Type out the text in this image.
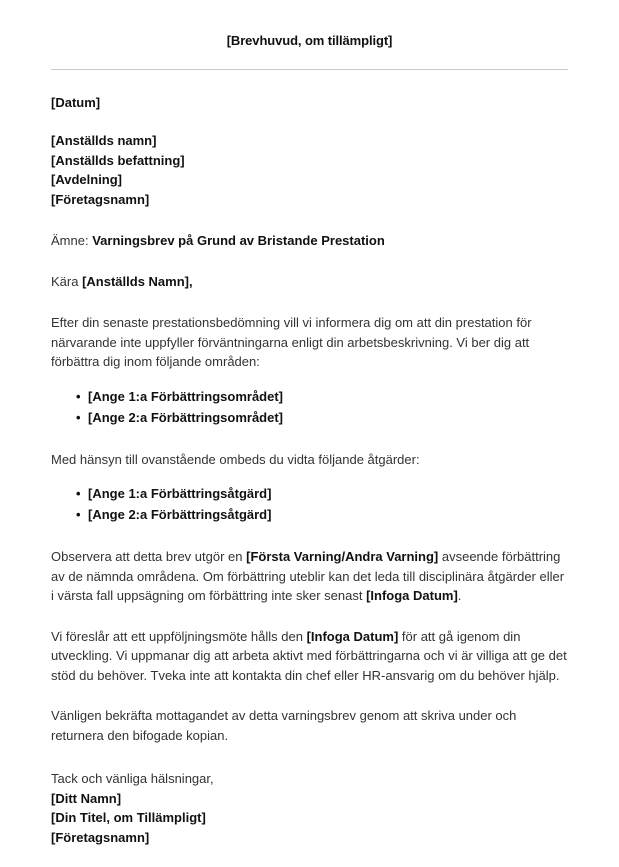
[Brevhuvud, om tillämpligt]
[Datum]
[Anställds namn]
[Anställds befattning]
[Avdelning]
[Företagsnamn]
Ämne: Varningsbrev på Grund av Bristande Prestation
Kära [Anställds Namn],

Efter din senaste prestationsbedömning vill vi informera dig om att din prestation för närvarande inte uppfyller förväntningarna enligt din arbetsbeskrivning. Vi ber dig att förbättra dig inom följande områden:

• [Ange 1:a Förbättringsområdet]
• [Ange 2:a Förbättringsområdet]

Med hänsyn till ovanstående ombeds du vidta följande åtgärder:

• [Ange 1:a Förbättringsåtgärd]
• [Ange 2:a Förbättringsåtgärd]

Observera att detta brev utgör en [Första Varning/Andra Varning] avseende förbättring av de nämnda områdena. Om förbättring uteblir kan det leda till disciplinära åtgärder eller i värsta fall uppsägning om förbättring inte sker senast [Infoga Datum].

Vi föreslår att ett uppföljningsmöte hålls den [Infoga Datum] för att gå igenom din utveckling. Vi uppmanar dig att arbeta aktivt med förbättringarna och vi är villiga att ge det stöd du behöver. Tveka inte att kontakta din chef eller HR-ansvarig om du behöver hjälp.

Vänligen bekräfta mottagandet av detta varningsbrev genom att skriva under och returnera den bifogade kopian.

Tack och vänliga hälsningar,
[Ditt Namn]
[Din Titel, om Tillämpligt]
[Företagsnamn]
